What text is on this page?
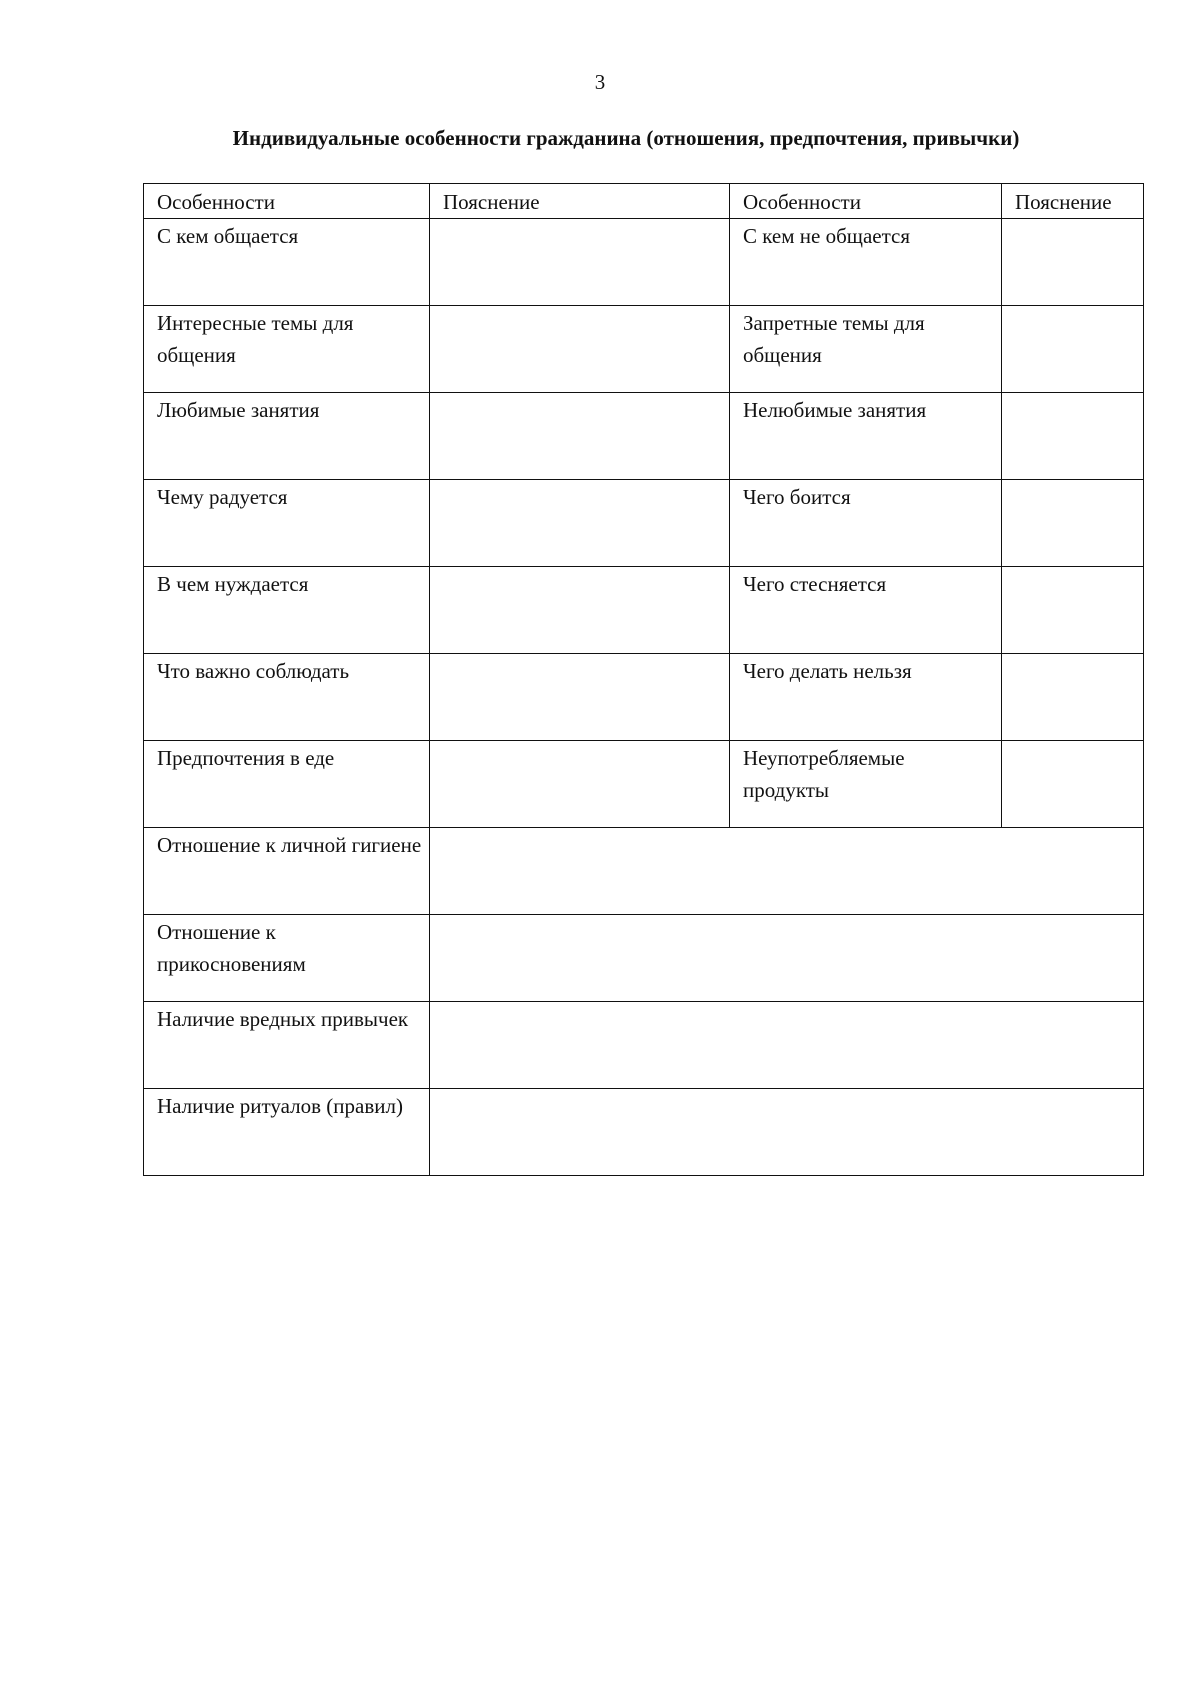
3
Индивидуальные особенности гражданина (отношения, предпочтения, привычки)
Особенности	Пояснение	Особенности	Пояснение
С кем общается		С кем не общается	
Интересные темы для общения		Запретные темы для общения	
Любимые занятия		Нелюбимые занятия	
Чему радуется		Чего боится	
В чем нуждается		Чего стесняется	
Что важно соблюдать		Чего делать нельзя	
Предпочтения в еде		Неупотребляемые продукты	
Отношение к личной гигиене			
Отношение к прикосновениям			
Наличие вредных привычек			
Наличие ритуалов (правил)			
